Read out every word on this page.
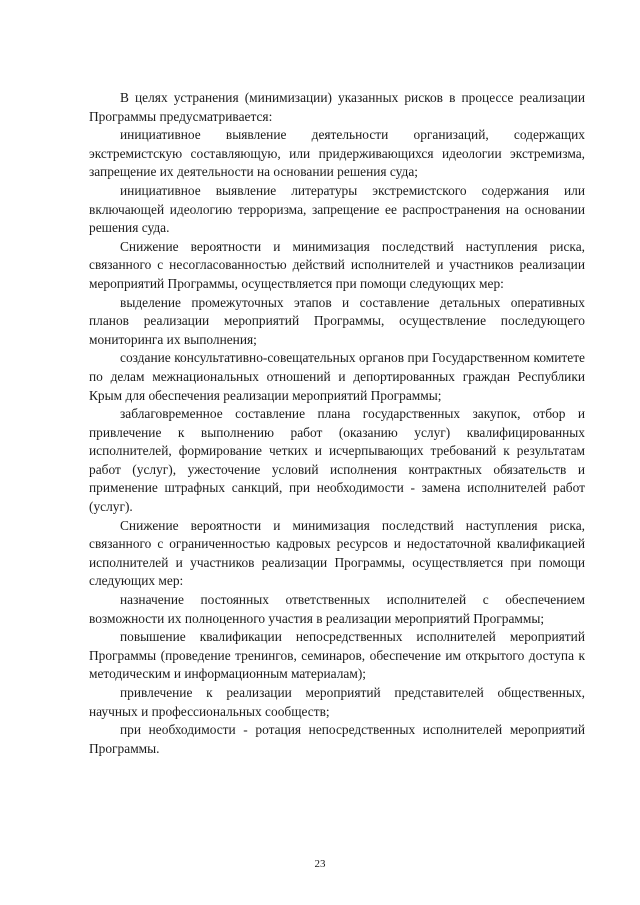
В целях устранения (минимизации) указанных рисков в процессе реализации Программы предусматривается:

инициативное выявление деятельности организаций, содержащих экстремистскую составляющую, или придерживающихся идеологии экстремизма, запрещение их деятельности на основании решения суда;

инициативное выявление литературы экстремистского содержания или включающей идеологию терроризма, запрещение ее распространения на основании решения суда.

Снижение вероятности и минимизация последствий наступления риска, связанного с несогласованностью действий исполнителей и участников реализации мероприятий Программы, осуществляется при помощи следующих мер:

выделение промежуточных этапов и составление детальных оперативных планов реализации мероприятий Программы, осуществление последующего мониторинга их выполнения;

создание консультативно-совещательных органов при Государственном комитете по делам межнациональных отношений и депортированных граждан Республики Крым для обеспечения реализации мероприятий Программы;

заблаговременное составление плана государственных закупок, отбор и привлечение к выполнению работ (оказанию услуг) квалифицированных исполнителей, формирование четких и исчерпывающих требований к результатам работ (услуг), ужесточение условий исполнения контрактных обязательств и применение штрафных санкций, при необходимости - замена исполнителей работ (услуг).

Снижение вероятности и минимизация последствий наступления риска, связанного с ограниченностью кадровых ресурсов и недостаточной квалификацией исполнителей и участников реализации Программы, осуществляется при помощи следующих мер:

назначение постоянных ответственных исполнителей с обеспечением возможности их полноценного участия в реализации мероприятий Программы;

повышение квалификации непосредственных исполнителей мероприятий Программы (проведение тренингов, семинаров, обеспечение им открытого доступа к методическим и информационным материалам);

привлечение к реализации мероприятий представителей общественных, научных и профессиональных сообществ;

при необходимости - ротация непосредственных исполнителей мероприятий Программы.

23
